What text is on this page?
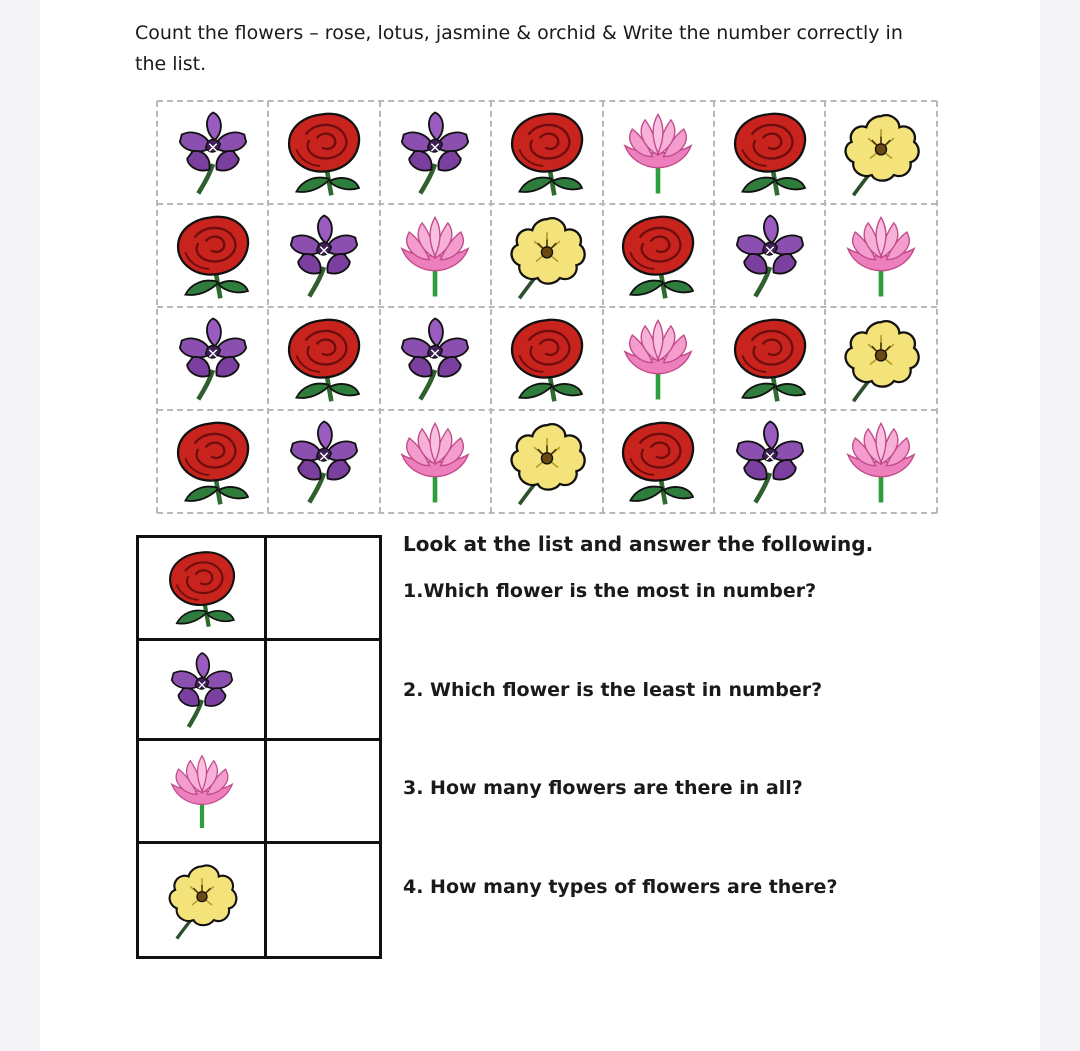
Count the flowers – rose, lotus, jasmine & orchid & Write the number correctly in the list.
Look at the list and answer the following.
1.Which flower is the most in number?
2. Which flower is the least in number?
3. How many flowers are there in all?
4. How many types of flowers are there?
